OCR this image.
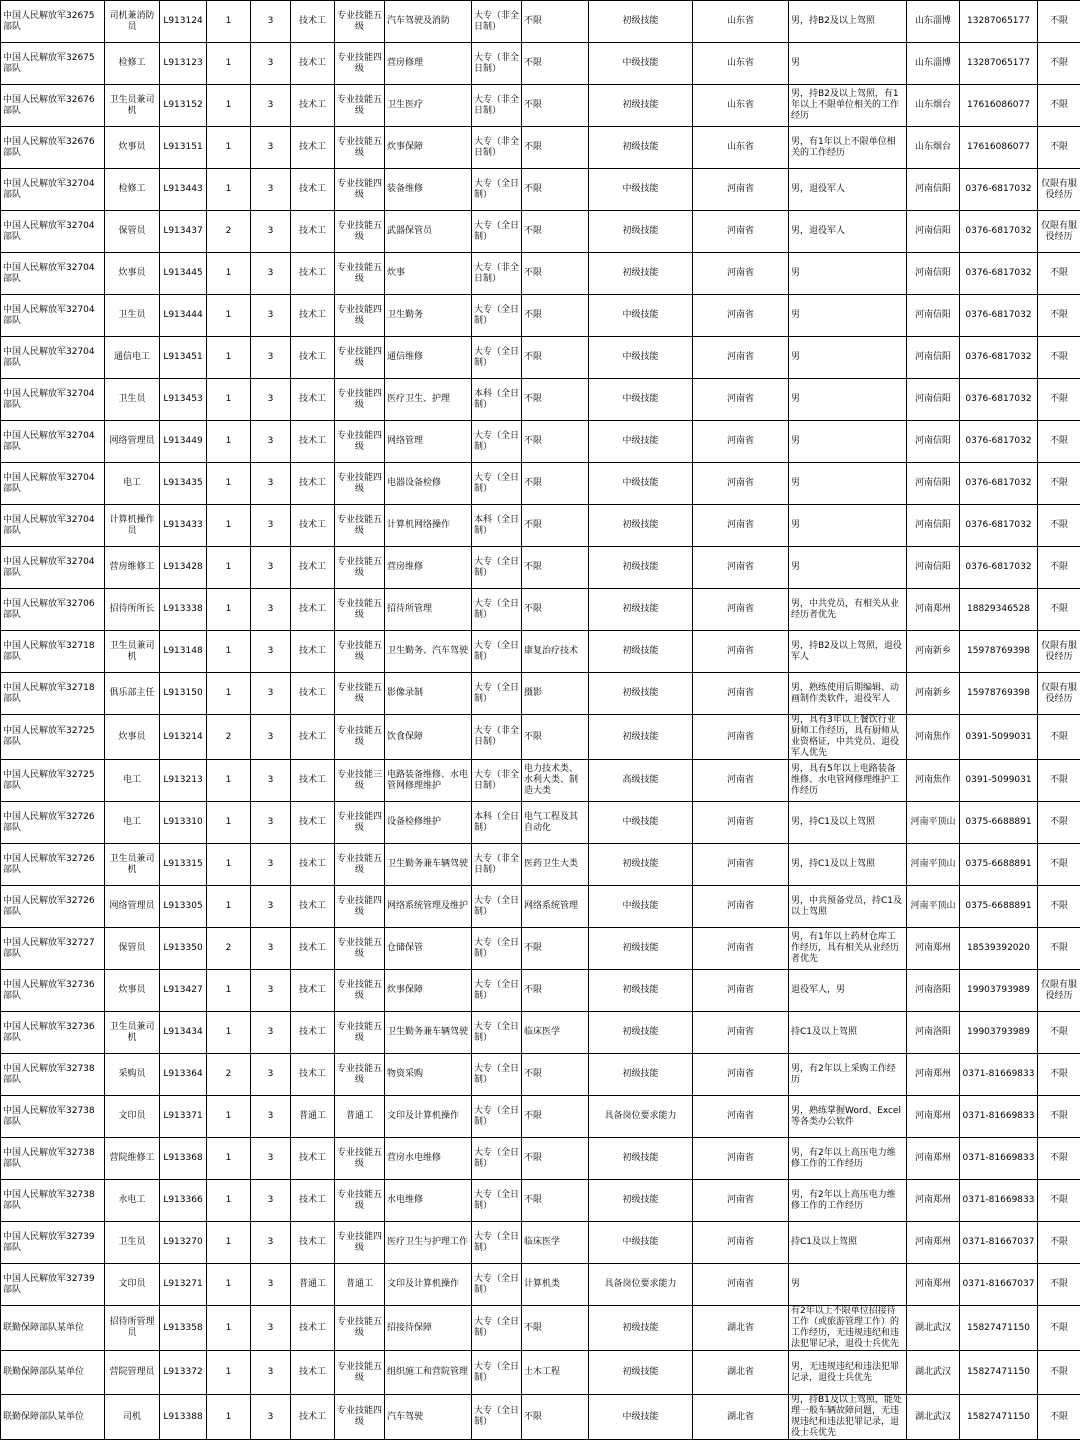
中国人民解放军32675部队	司机兼消防员	L913124	1	3	技术工	专业技能五级	汽车驾驶及消防	大专（非全日制）	不限	初级技能	山东省	男，持B2及以上驾照	山东淄博	13287065177	不限
中国人民解放军32675部队	检修工	L913123	1	3	技术工	专业技能四级	营房修理	大专（非全日制）	不限	中级技能	山东省	男	山东淄博	13287065177	不限
中国人民解放军32676部队	卫生员兼司机	L913152	1	3	技术工	专业技能五级	卫生医疗	大专（非全日制）	不限	初级技能	山东省	男，持B2及以上驾照，有1年以上不限单位相关的工作经历	山东烟台	17616086077	不限
中国人民解放军32676部队	炊事员	L913151	1	3	技术工	专业技能五级	炊事保障	大专（非全日制）	不限	初级技能	山东省	男，有1年以上不限单位相关的工作经历	山东烟台	17616086077	不限
中国人民解放军32704部队	检修工	L913443	1	3	技术工	专业技能四级	装备维修	大专（全日制）	不限	中级技能	河南省	男，退役军人	河南信阳	0376-6817032	仅限有服役经历
中国人民解放军32704部队	保管员	L913437	2	3	技术工	专业技能五级	武器保管员	大专（全日制）	不限	初级技能	河南省	男，退役军人	河南信阳	0376-6817032	仅限有服役经历
中国人民解放军32704部队	炊事员	L913445	1	3	技术工	专业技能五级	炊事	大专（非全日制）	不限	初级技能	河南省	男	河南信阳	0376-6817032	不限
中国人民解放军32704部队	卫生员	L913444	1	3	技术工	专业技能四级	卫生勤务	大专（全日制）	不限	中级技能	河南省	男	河南信阳	0376-6817032	不限
中国人民解放军32704部队	通信电工	L913451	1	3	技术工	专业技能四级	通信维修	大专（全日制）	不限	中级技能	河南省	男	河南信阳	0376-6817032	不限
中国人民解放军32704部队	卫生员	L913453	1	3	技术工	专业技能四级	医疗卫生、护理	本科（全日制）	不限	中级技能	河南省	男	河南信阳	0376-6817032	不限
中国人民解放军32704部队	网络管理员	L913449	1	3	技术工	专业技能四级	网络管理	大专（全日制）	不限	中级技能	河南省	男	河南信阳	0376-6817032	不限
中国人民解放军32704部队	电工	L913435	1	3	技术工	专业技能四级	电器设备检修	大专（全日制）	不限	中级技能	河南省	男	河南信阳	0376-6817032	不限
中国人民解放军32704部队	计算机操作员	L913433	1	3	技术工	专业技能五级	计算机网络操作	本科（全日制）	不限	初级技能	河南省	男	河南信阳	0376-6817032	不限
中国人民解放军32704部队	营房维修工	L913428	1	3	技术工	专业技能五级	营房维修	大专（全日制）	不限	初级技能	河南省	男	河南信阳	0376-6817032	不限
中国人民解放军32706部队	招待所所长	L913338	1	3	技术工	专业技能五级	招待所管理	大专（全日制）	不限	初级技能	河南省	男，中共党员，有相关从业经历者优先	河南郑州	18829346528	不限
中国人民解放军32718部队	卫生员兼司机	L913148	1	3	技术工	专业技能五级	卫生勤务、汽车驾驶	大专（全日制）	康复治疗技术	初级技能	河南省	男，持B2及以上驾照，退役军人	河南新乡	15978769398	仅限有服役经历
中国人民解放军32718部队	俱乐部主任	L913150	1	3	技术工	专业技能五级	影像录制	大专（全日制）	摄影	初级技能	河南省	男，熟练使用后期编辑、动画制作类软件，退役军人	河南新乡	15978769398	仅限有服役经历
中国人民解放军32725部队	炊事员	L913214	2	3	技术工	专业技能五级	饮食保障	大专（非全日制）	不限	初级技能	河南省	男，具有3年以上餐饮行业厨师工作经历，具有厨师从业资格证，中共党员、退役军人优先	河南焦作	0391-5099031	不限
中国人民解放军32725部队	电工	L913213	1	3	技术工	专业技能三级	电路装备维修、水电管网修理维护	大专（非全日制）	电力技术类、水利大类、制造大类	高级技能	河南省	男，具有5年以上电路装备维修、水电管网修理维护工作经历	河南焦作	0391-5099031	不限
中国人民解放军32726部队	电工	L913310	1	3	技术工	专业技能四级	设备检修维护	本科（全日制）	电气工程及其自动化	中级技能	河南省	男，持C1及以上驾照	河南平顶山	0375-6688891	不限
中国人民解放军32726部队	卫生员兼司机	L913315	1	3	技术工	专业技能五级	卫生勤务兼车辆驾驶	大专（非全日制）	医药卫生大类	初级技能	河南省	男，持C1及以上驾照	河南平顶山	0375-6688891	不限
中国人民解放军32726部队	网络管理员	L913305	1	3	技术工	专业技能四级	网络系统管理及维护	大专（全日制）	网络系统管理	中级技能	河南省	男，中共预备党员，持C1及以上驾照	河南平顶山	0375-6688891	不限
中国人民解放军32727部队	保管员	L913350	2	3	技术工	专业技能五级	仓储保管	大专（全日制）	不限	初级技能	河南省	男，有1年以上药材仓库工作经历，具有相关从业经历者优先	河南郑州	18539392020	不限
中国人民解放军32736部队	炊事员	L913427	1	3	技术工	专业技能五级	炊事保障	大专（全日制）	不限	初级技能	河南省	退役军人，男	河南洛阳	19903793989	仅限有服役经历
中国人民解放军32736部队	卫生员兼司机	L913434	1	3	技术工	专业技能五级	卫生勤务兼车辆驾驶	大专（全日制）	临床医学	初级技能	河南省	持C1及以上驾照	河南洛阳	19903793989	不限
中国人民解放军32738部队	采购员	L913364	2	3	技术工	专业技能五级	物资采购	大专（全日制）	不限	初级技能	河南省	男，有2年以上采购工作经历	河南郑州	0371-81669833	不限
中国人民解放军32738部队	文印员	L913371	1	3	普通工	普通工	文印及计算机操作	大专（全日制）	不限	具备岗位要求能力	河南省	男，熟练掌握Word、Excel等各类办公软件	河南郑州	0371-81669833	不限
中国人民解放军32738部队	营院维修工	L913368	1	3	技术工	专业技能五级	营房水电维修	大专（全日制）	不限	初级技能	河南省	男，有2年以上高压电力维修工作的工作经历	河南郑州	0371-81669833	不限
中国人民解放军32738部队	水电工	L913366	1	3	技术工	专业技能五级	水电维修	大专（全日制）	不限	初级技能	河南省	男，有2年以上高压电力维修工作的工作经历	河南郑州	0371-81669833	不限
中国人民解放军32739部队	卫生员	L913270	1	3	技术工	专业技能四级	医疗卫生与护理工作	大专（全日制）	临床医学	中级技能	河南省	持C1及以上驾照	河南郑州	0371-81667037	不限
中国人民解放军32739部队	文印员	L913271	1	3	普通工	普通工	文印及计算机操作	大专（全日制）	计算机类	具备岗位要求能力	河南省	男	河南郑州	0371-81667037	不限
联勤保障部队某单位	招待所管理员	L913358	1	3	技术工	专业技能五级	招接待保障	大专（全日制）	不限	初级技能	湖北省	有2年以上不限单位招接待工作（或旅游管理工作）的工作经历，无违规违纪和违法犯罪记录，退役士兵优先	湖北武汉	15827471150	不限
联勤保障部队某单位	营院管理员	L913372	1	3	技术工	专业技能五级	组织施工和营院管理	大专（全日制）	土木工程	初级技能	湖北省	男，无违规违纪和违法犯罪记录，退役士兵优先	湖北武汉	15827471150	不限
联勤保障部队某单位	司机	L913388	1	3	技术工	专业技能四级	汽车驾驶	大专（全日制）	不限	中级技能	湖北省	男，持B1及以上驾照，能处理一般车辆故障问题，无违规违纪和违法犯罪记录，退役士兵优先	湖北武汉	15827471150	不限
